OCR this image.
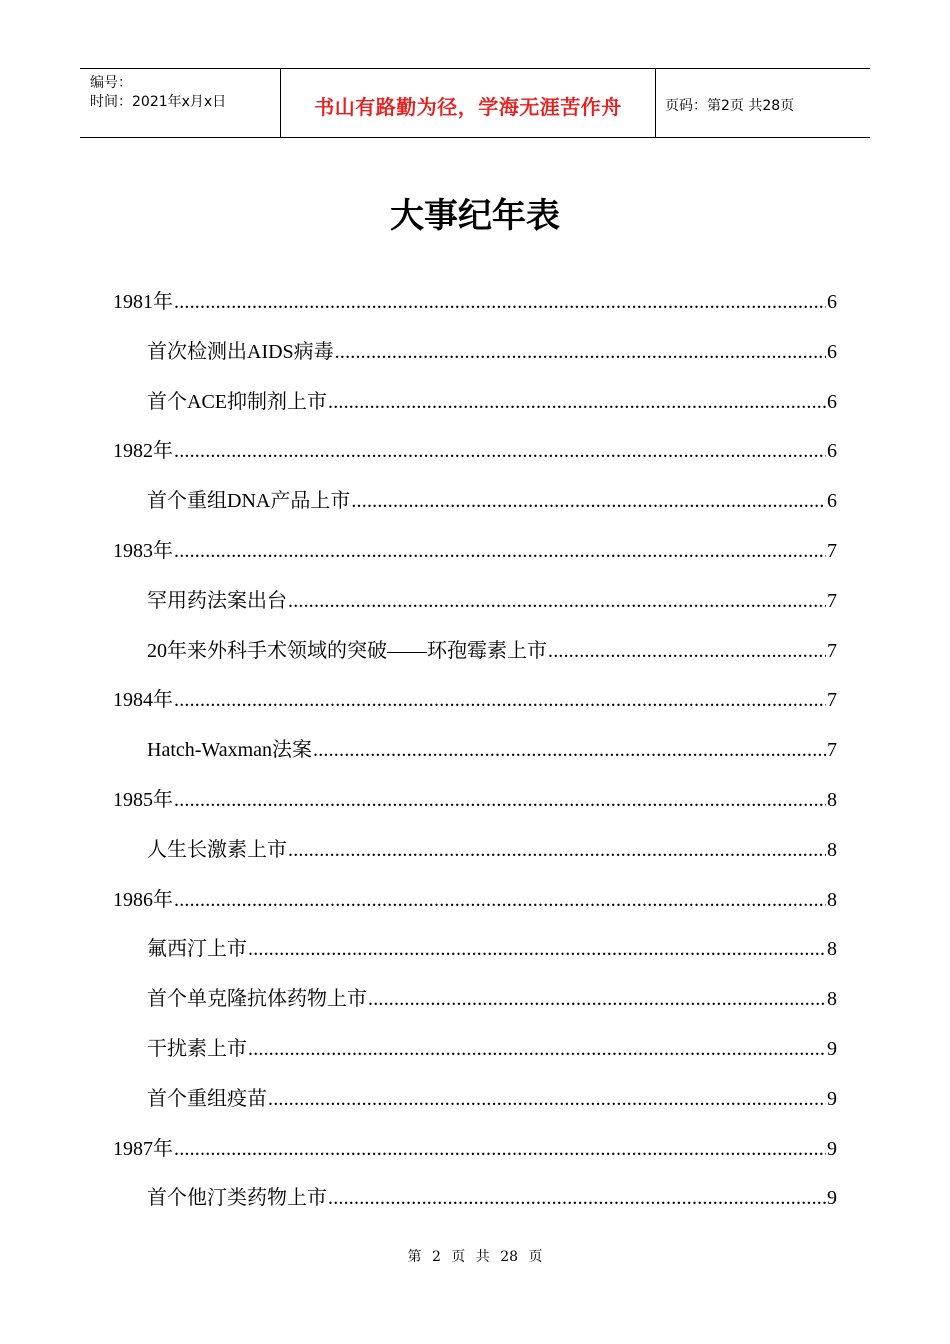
编号：
时间：2021年x月x日	书山有路勤为径，学海无涯苦作舟	页码：第2页 共28页
大事纪年表
1981年 .....	6
首次检测出AIDS病毒 .....	6
首个ACE抑制剂上市 .....	6
1982年 .....	6
首个重组DNA产品上市 .....	6
1983年 .....	7
罕用药法案出台 .....	7
20年来外科手术领域的突破——环孢霉素上市 .....	7
1984年 .....	7
Hatch-Waxman法案 .....	7
1985年 .....	8
人生长激素上市 .....	8
1986年 .....	8
氟西汀上市 .....	8
首个单克隆抗体药物上市 .....	8
干扰素上市 .....	9
首个重组疫苗 .....	9
1987年 .....	9
首个他汀类药物上市 .....	9
第 2 页 共 28 页
